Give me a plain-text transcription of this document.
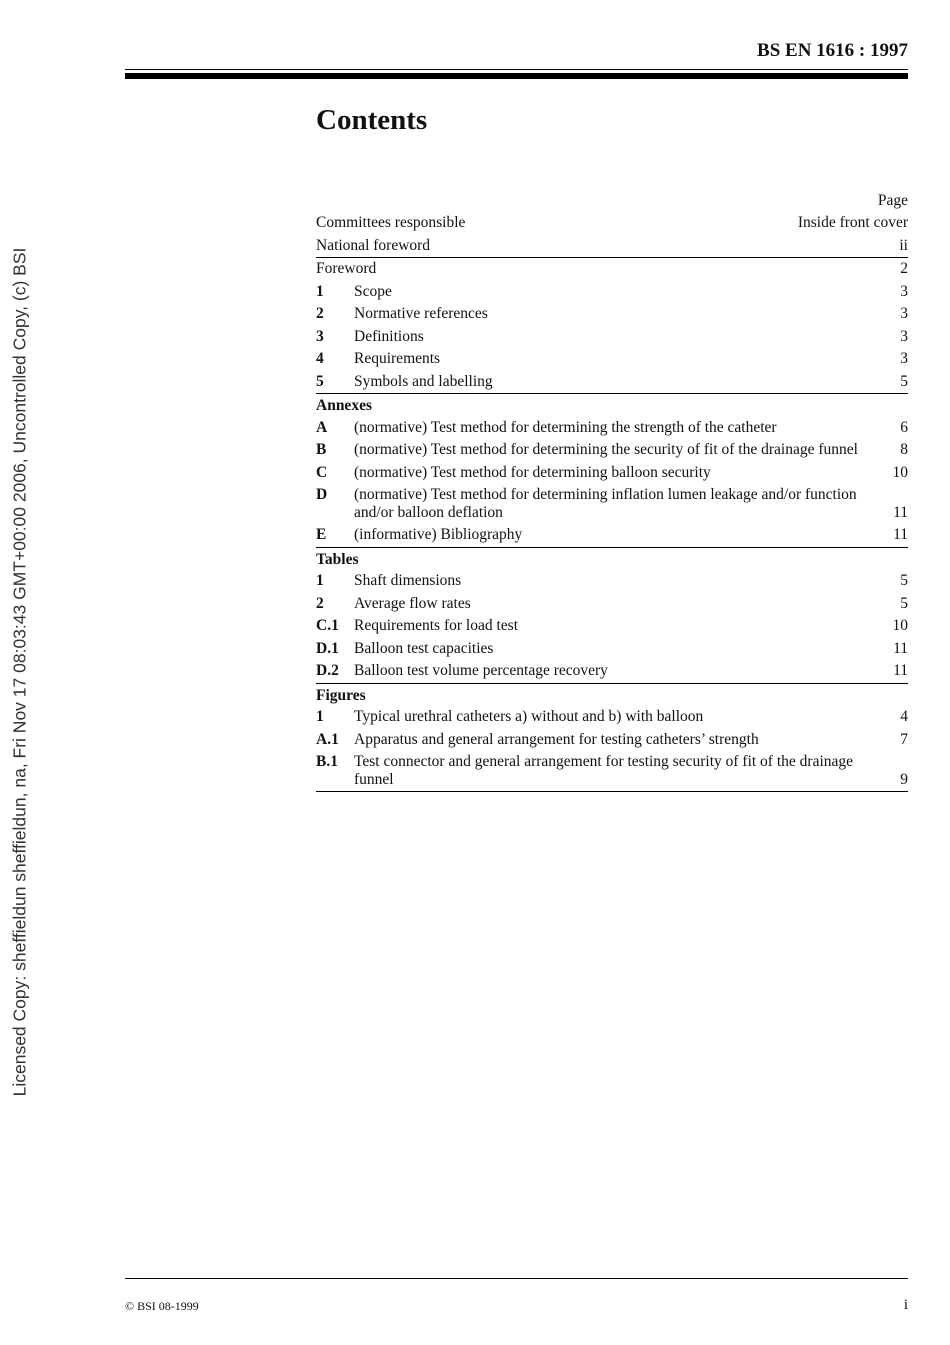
Licensed Copy: sheffieldun sheffieldun, na, Fri Nov 17 08:03:43 GMT+00:00 2006, Uncontrolled Copy, (c) BSI
BS EN 1616 : 1997
Contents
Page
Committees responsible	Inside front cover
National foreword	ii
Foreword	2
1	Scope	3
2	Normative references	3
3	Definitions	3
4	Requirements	3
5	Symbols and labelling	5
Annexes
A	(normative) Test method for determining the strength of the catheter	6
B	(normative) Test method for determining the security of fit of the drainage funnel	8
C	(normative) Test method for determining balloon security	10
D	(normative) Test method for determining inflation lumen leakage and/or function and/or balloon deflation	11
E	(informative) Bibliography	11
Tables
1	Shaft dimensions	5
2	Average flow rates	5
C.1 Requirements for load test	10
D.1 Balloon test capacities	11
D.2 Balloon test volume percentage recovery	11
Figures
1	Typical urethral catheters a) without and b) with balloon	4
A.1 Apparatus and general arrangement for testing catheters’ strength	7
B.1	Test connector and general arrangement for testing security of fit of the drainage funnel	9
© BSI 08-1999	i
